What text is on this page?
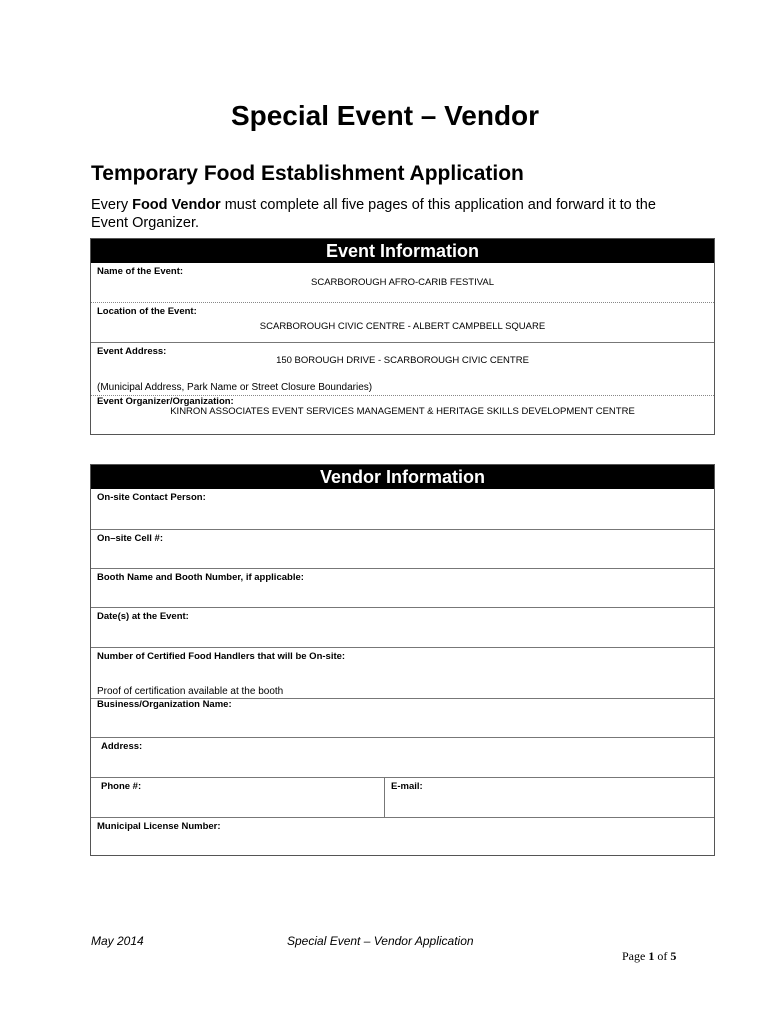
Special Event – Vendor
Temporary Food Establishment Application
Every Food Vendor must complete all five pages of this application and forward it to the Event Organizer.
Event Information
Name of the Event:
SCARBOROUGH AFRO-CARIB FESTIVAL
Location of the Event:
SCARBOROUGH CIVIC CENTRE - ALBERT CAMPBELL SQUARE
Event Address:
150 BOROUGH DRIVE - SCARBOROUGH CIVIC CENTRE
(Municipal Address, Park Name or Street Closure Boundaries)
Event Organizer/Organization:
KINRON ASSOCIATES EVENT SERVICES MANAGEMENT & HERITAGE SKILLS DEVELOPMENT CENTRE
Vendor Information
On-site Contact Person:
On–site Cell #:
Booth Name and Booth Number, if applicable:
Date(s) at the Event:
Number of Certified Food Handlers that will be On-site:
Proof of certification available at the booth
Business/Organization Name:
Address:
Phone #:	E-mail:
Municipal License Number:
May 2014	Special Event – Vendor Application
Page 1 of 5
